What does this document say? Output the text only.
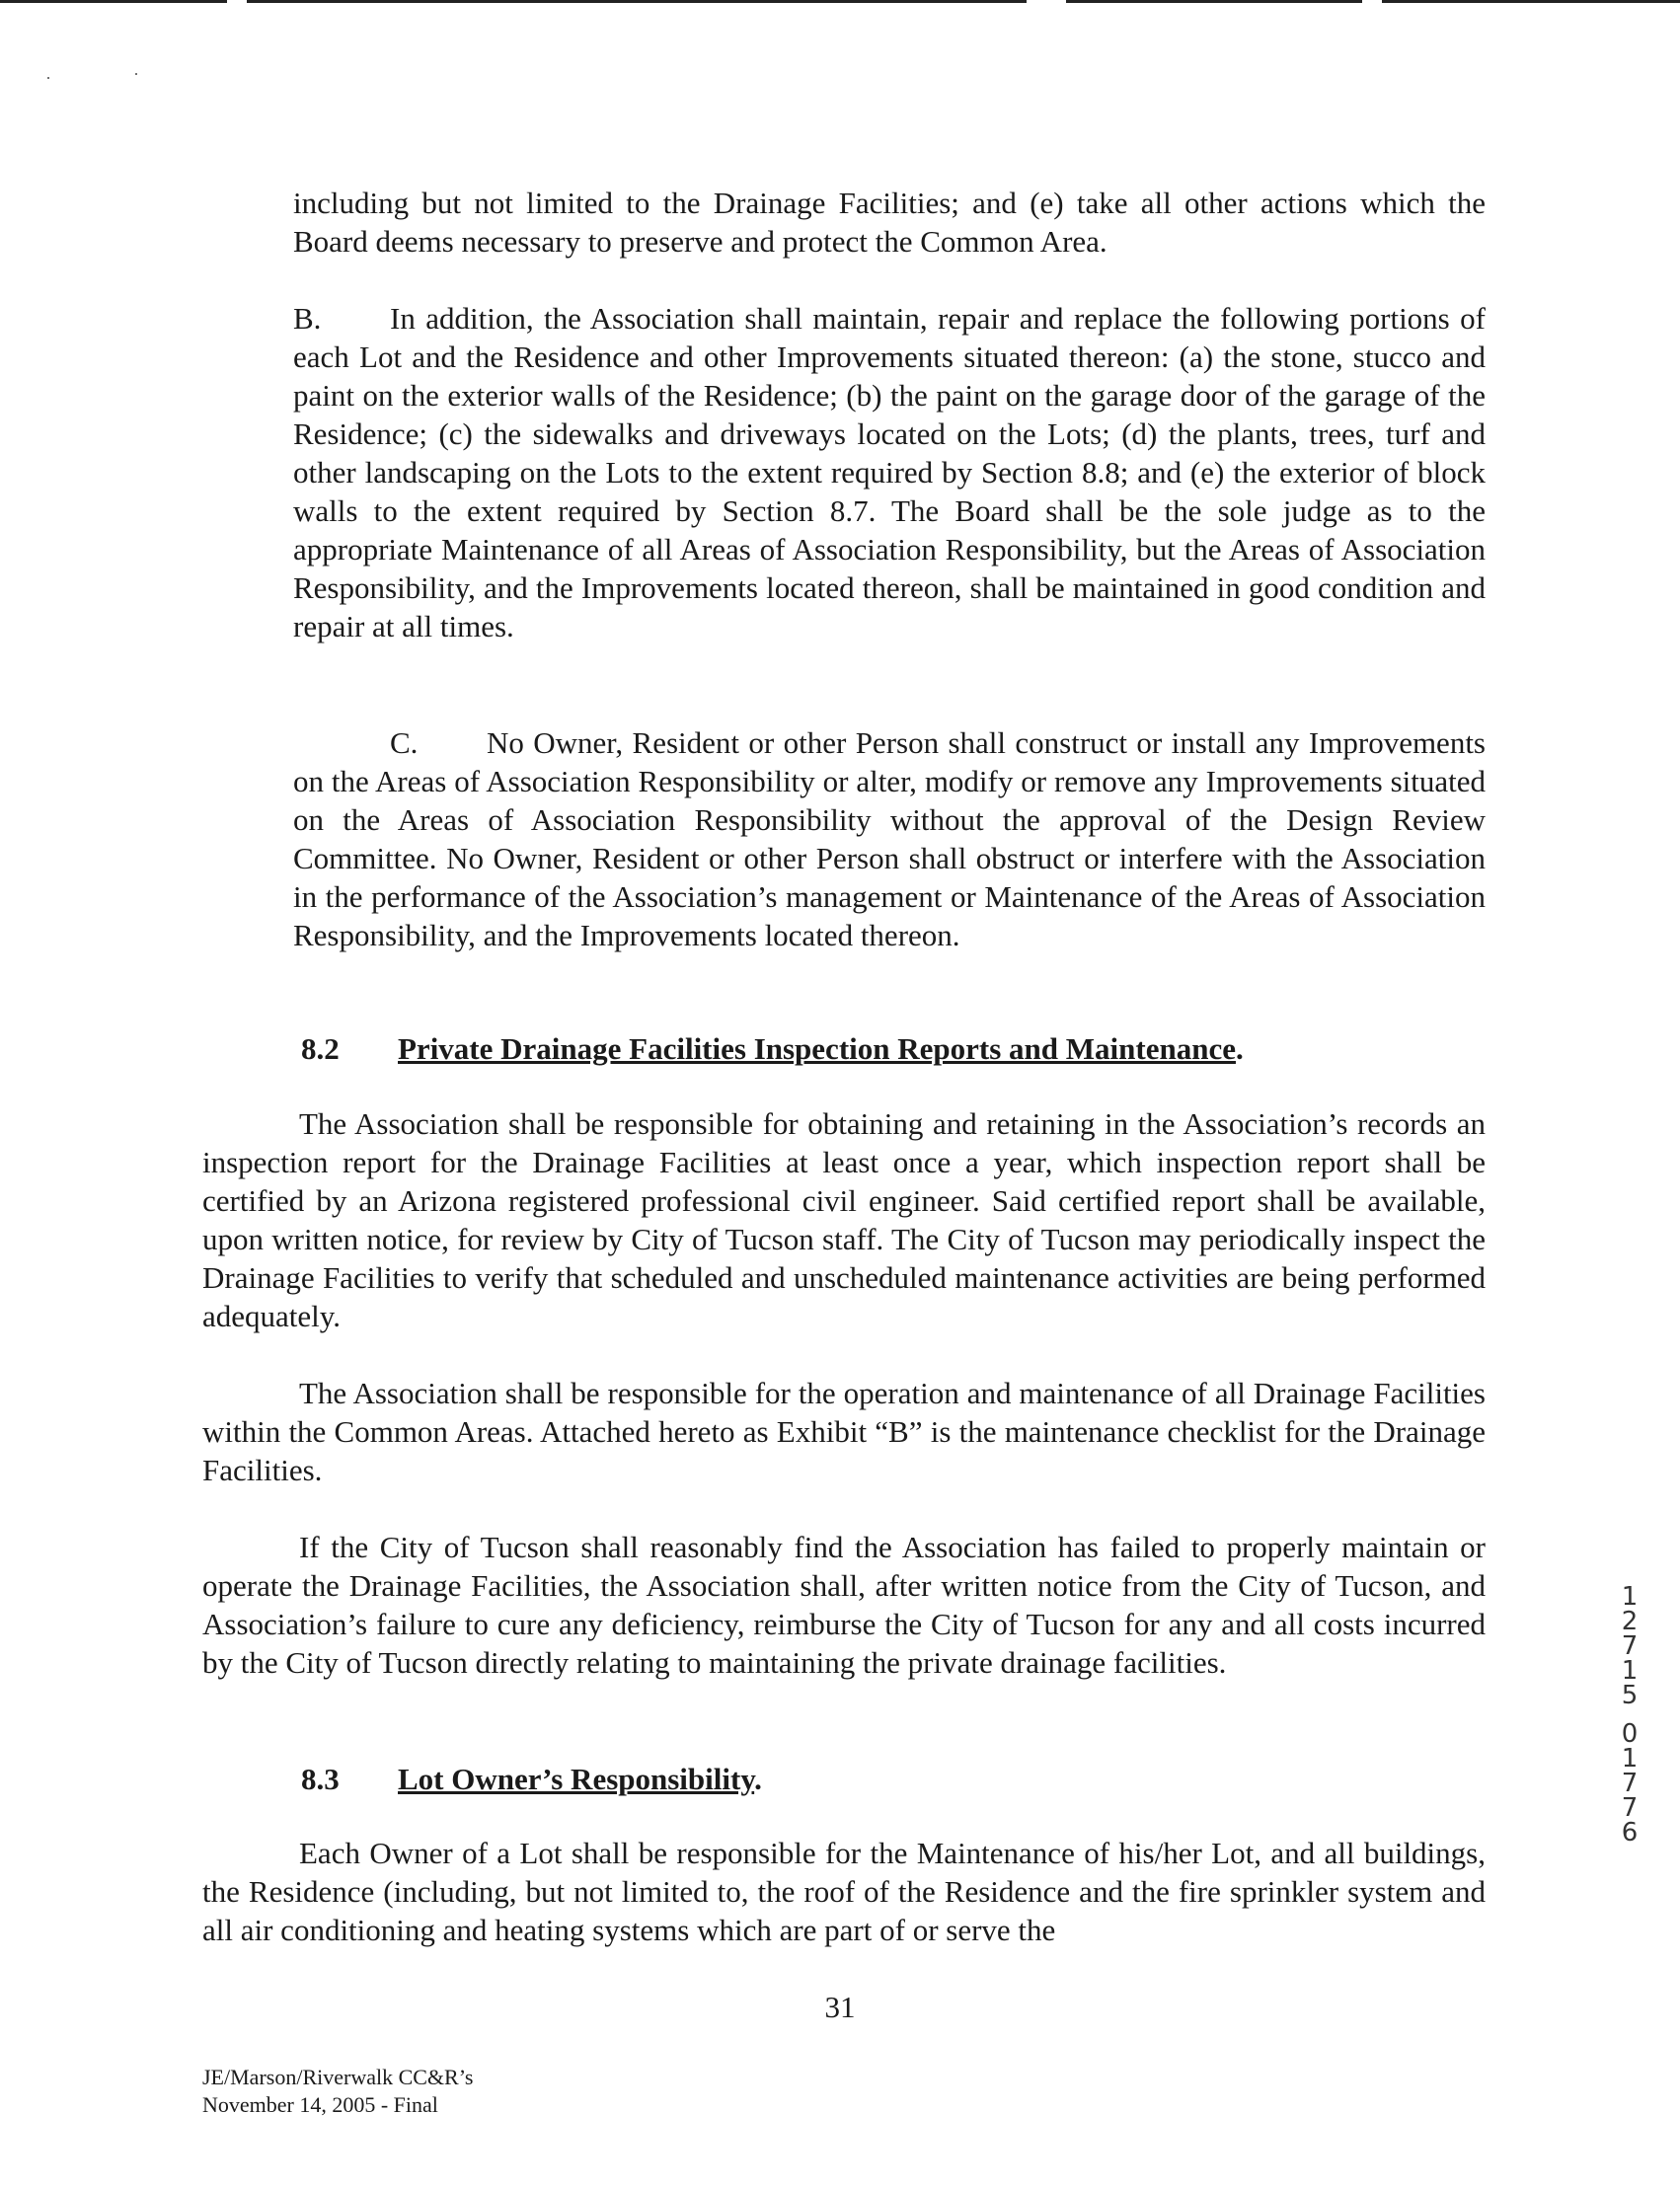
including but not limited to the Drainage Facilities; and (e) take all other actions which the Board deems necessary to preserve and protect the Common Area.

B. In addition, the Association shall maintain, repair and replace the following portions of each Lot and the Residence and other Improvements situated thereon: (a) the stone, stucco and paint on the exterior walls of the Residence; (b) the paint on the garage door of the garage of the Residence; (c) the sidewalks and driveways located on the Lots; (d) the plants, trees, turf and other landscaping on the Lots to the extent required by Section 8.8; and (e) the exterior of block walls to the extent required by Section 8.7. The Board shall be the sole judge as to the appropriate Maintenance of all Areas of Association Responsibility, but the Areas of Association Responsibility, and the Improvements located thereon, shall be maintained in good condition and repair at all times.

C. No Owner, Resident or other Person shall construct or install any Improvements on the Areas of Association Responsibility or alter, modify or remove any Improvements situated on the Areas of Association Responsibility without the approval of the Design Review Committee. No Owner, Resident or other Person shall obstruct or interfere with the Association in the performance of the Association’s management or Maintenance of the Areas of Association Responsibility, and the Improvements located thereon.

8.2 Private Drainage Facilities Inspection Reports and Maintenance.

The Association shall be responsible for obtaining and retaining in the Association’s records an inspection report for the Drainage Facilities at least once a year, which inspection report shall be certified by an Arizona registered professional civil engineer. Said certified report shall be available, upon written notice, for review by City of Tucson staff. The City of Tucson may periodically inspect the Drainage Facilities to verify that scheduled and unscheduled maintenance activities are being performed adequately.

The Association shall be responsible for the operation and maintenance of all Drainage Facilities within the Common Areas. Attached hereto as Exhibit “B” is the maintenance checklist for the Drainage Facilities.

If the City of Tucson shall reasonably find the Association has failed to properly maintain or operate the Drainage Facilities, the Association shall, after written notice from the City of Tucson, and Association’s failure to cure any deficiency, reimburse the City of Tucson for any and all costs incurred by the City of Tucson directly relating to maintaining the private drainage facilities.

8.3 Lot Owner’s Responsibility.

Each Owner of a Lot shall be responsible for the Maintenance of his/her Lot, and all buildings, the Residence (including, but not limited to, the roof of the Residence and the fire sprinkler system and all air conditioning and heating systems which are part of or serve the

1
2
7
1
5
0
1
7
7
6
31
JE/Marson/Riverwalk CC&R’s
November 14, 2005 - Final
